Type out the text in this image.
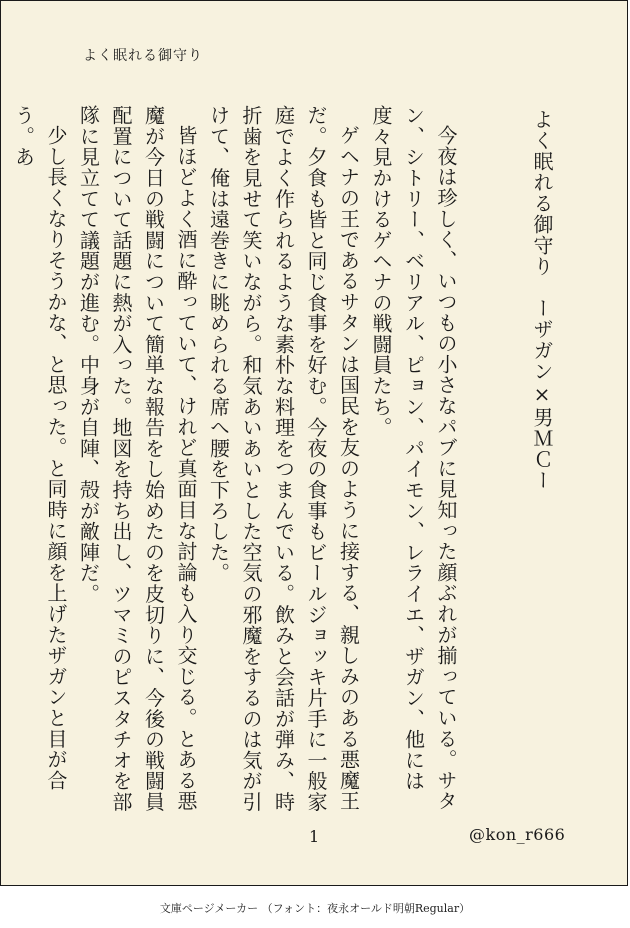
よく眠れる御守り
よく眠れる御守り　ーザガン×男ＭＣー

今夜は珍しく、いつもの小さなパブに見知った顔ぶれが揃っている。サタン、シトリー、ベリアル、ピョン、パイモン、レライエ、ザガン、他には度々見かけるゲヘナの戦闘員たち。

ゲヘナの王であるサタンは国民を友のように接する、親しみのある悪魔王だ。夕食も皆と同じ食事を好む。今夜の食事もビールジョッキ片手に一般家庭でよく作られるような素朴な料理をつまんでいる。飲みと会話が弾み、時折歯を見せて笑いながら。和気あいあいとした空気の邪魔をするのは気が引けて、俺は遠巻きに眺められる席へ腰を下ろした。

皆ほどよく酒に酔っていて、けれど真面目な討論も入り交じる。とある悪魔が今日の戦闘について簡単な報告をし始めたのを皮切りに、今後の戦闘員配置について話題に熱が入った。地図を持ち出し、ツマミのピスタチオを部隊に見立てて議題が進む。中身が自陣、殻が敵陣だ。

少し長くなりそうかな、と思った。と同時に顔を上げたザガンと目が合う。あ

1	@kon_r666
文庫ページメーカー （フォント：夜永オールド明朝Regular）
